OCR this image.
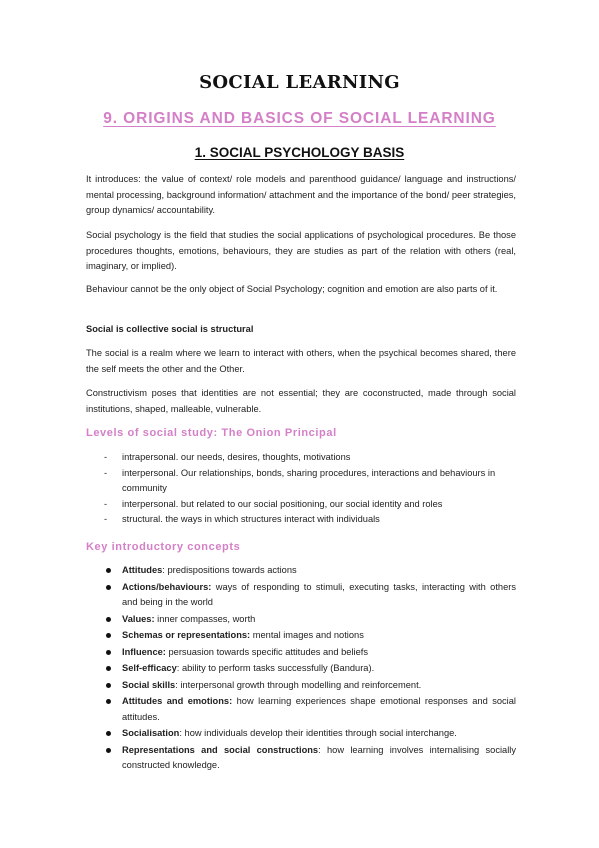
SOCIAL LEARNING
9. ORIGINS AND BASICS OF SOCIAL LEARNING
1. SOCIAL PSYCHOLOGY BASIS
It introduces: the value of context/ role models and parenthood guidance/ language and instructions/ mental processing, background information/ attachment and the importance of the bond/ peer strategies, group dynamics/ accountability.
Social psychology is the field that studies the social applications of psychological procedures. Be those procedures thoughts, emotions, behaviours, they are studies as part of the relation with others (real, imaginary, or implied).
Behaviour cannot be the only object of Social Psychology; cognition and emotion are also parts of it.
Social is collective social is structural
The social is a realm where we learn to interact with others, when the psychical becomes shared, there the self meets the other and the Other.
Constructivism poses that identities are not essential; they are coconstructed, made through social institutions, shaped, malleable, vulnerable.
Levels of social study: The Onion Principal
- intrapersonal. our needs, desires, thoughts, motivations
- interpersonal. Our relationships, bonds, sharing procedures, interactions and behaviours in community
- interpersonal. but related to our social positioning, our social identity and roles
- structural. the ways in which structures interact with individuals
Key introductory concepts
Attitudes: predispositions towards actions
Actions/behaviours: ways of responding to stimuli, executing tasks, interacting with others and being in the world
Values: inner compasses, worth
Schemas or representations: mental images and notions
Influence: persuasion towards specific attitudes and beliefs
Self-efficacy: ability to perform tasks successfully (Bandura).
Social skills: interpersonal growth through modelling and reinforcement.
Attitudes and emotions: how learning experiences shape emotional responses and social attitudes.
Socialisation: how individuals develop their identities through social interchange.
Representations and social constructions: how learning involves internalising socially constructed knowledge.
